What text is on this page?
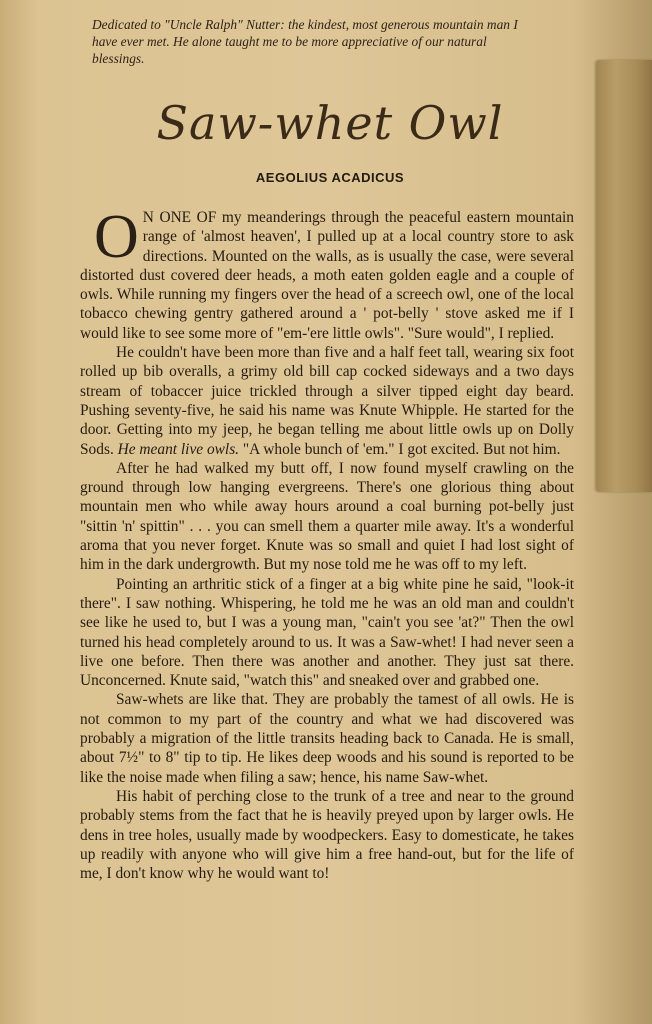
Dedicated to "Uncle Ralph" Nutter: the kindest, most generous mountain man I have ever met. He alone taught me to be more appreciative of our natural blessings.
Saw-whet Owl
AEGOLIUS ACADICUS

O N ONE OF my meanderings through the peaceful eastern mountain range of 'almost heaven', I pulled up at a local country store to ask directions. Mounted on the walls, as is usually the case, were several distorted dust covered deer heads, a moth eaten golden eagle and a couple of owls. While running my fingers over the head of a screech owl, one of the local tobacco chewing gentry gathered around a ' pot-belly ' stove asked me if I would like to see some more of "em-'ere little owls". "Sure would", I replied.

He couldn't have been more than five and a half feet tall, wearing six foot rolled up bib overalls, a grimy old bill cap cocked sideways and a two days stream of tobaccer juice trickled through a silver tipped eight day beard. Pushing seventy-five, he said his name was Knute Whipple. He started for the door. Getting into my jeep, he began telling me about little owls up on Dolly Sods. He meant live owls. "A whole bunch of 'em." I got excited. But not him.

After he had walked my butt off, I now found myself crawling on the ground through low hanging evergreens. There's one glorious thing about mountain men who while away hours around a coal burning pot-belly just "sittin 'n' spittin" . . . you can smell them a quarter mile away. It's a wonderful aroma that you never forget. Knute was so small and quiet I had lost sight of him in the dark undergrowth. But my nose told me he was off to my left.

Pointing an arthritic stick of a finger at a big white pine he said, "look-it there". I saw nothing. Whispering, he told me he was an old man and couldn't see like he used to, but I was a young man, "cain't you see 'at?" Then the owl turned his head completely around to us. It was a Saw-whet! I had never seen a live one before. Then there was another and another. They just sat there. Unconcerned. Knute said, "watch this" and sneaked over and grabbed one.

Saw-whets are like that. They are probably the tamest of all owls. He is not common to my part of the country and what we had discovered was probably a migration of the little transits heading back to Canada. He is small, about 7½" to 8" tip to tip. He likes deep woods and his sound is reported to be like the noise made when filing a saw; hence, his name Saw-whet.

His habit of perching close to the trunk of a tree and near to the ground probably stems from the fact that he is heavily preyed upon by larger owls. He dens in tree holes, usually made by woodpeckers. Easy to domesticate, he takes up readily with anyone who will give him a free hand-out, but for the life of me, I don't know why he would want to!
